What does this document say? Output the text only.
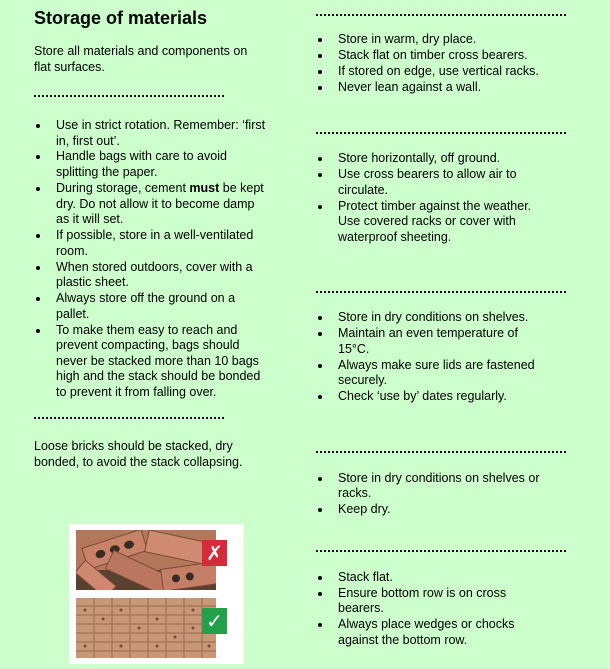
Storage of materials

Store all materials and components on flat surfaces.

Use in strict rotation. Remember: ‘first in, first out’.
Handle bags with care to avoid splitting the paper.
During storage, cement must be kept dry. Do not allow it to become damp as it will set.
If possible, store in a well-ventilated room.
When stored outdoors, cover with a plastic sheet.
Always store off the ground on a pallet.
To make them easy to reach and prevent compacting, bags should never be stacked more than 10 bags high and the stack should be bonded to prevent it from falling over.

Loose bricks should be stacked, dry bonded, to avoid the stack collapsing.

✗
✓
Store in warm, dry place.
Stack flat on timber cross bearers.
If stored on edge, use vertical racks.
Never lean against a wall.
Store horizontally, off ground.
Use cross bearers to allow air to circulate.
Protect timber against the weather. Use covered racks or cover with waterproof sheeting.
Store in dry conditions on shelves.
Maintain an even temperature of 15°C.
Always make sure lids are fastened securely.
Check ‘use by’ dates regularly.
Store in dry conditions on shelves or racks.
Keep dry.
Stack flat.
Ensure bottom row is on cross bearers.
Always place wedges or chocks against the bottom row.
